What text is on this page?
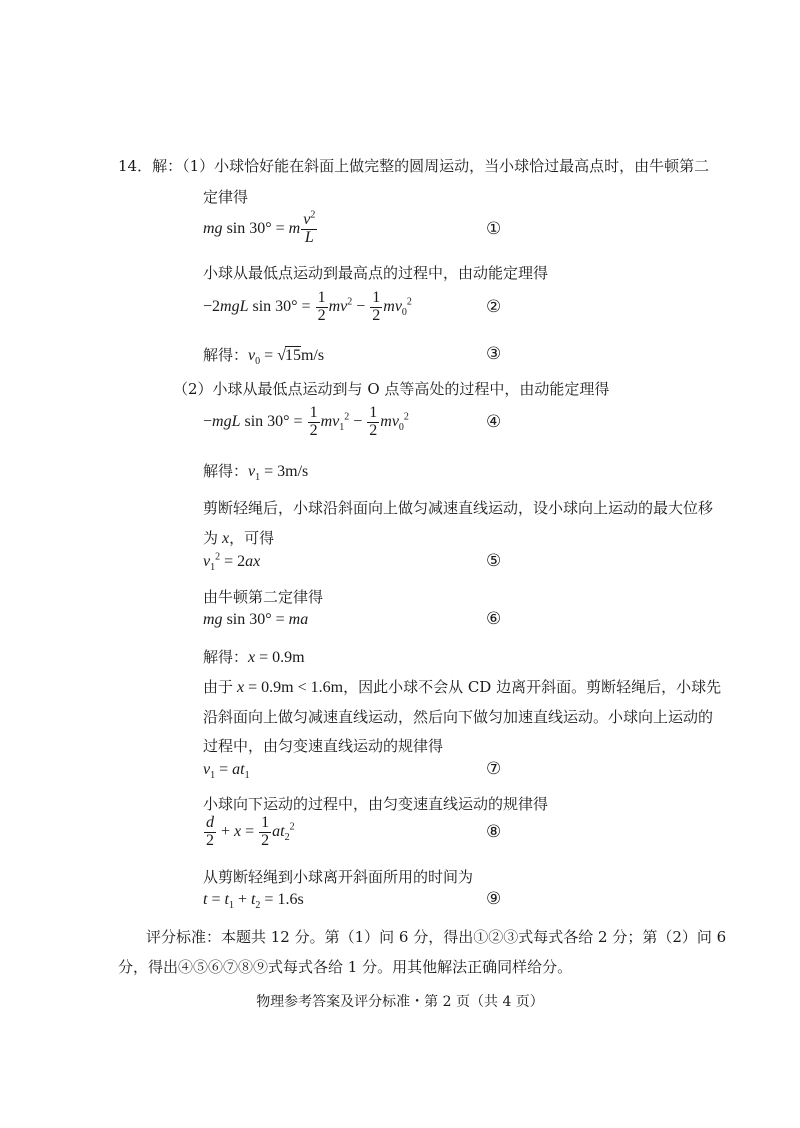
14．解：（1）小球恰好能在斜面上做完整的圆周运动，当小球恰过最高点时，由牛顿第二
定律得
mg sin 30° = m $\frac{v^2}{L}$	①
小球从最低点运动到最高点的过程中，由动能定理得
−2mgL $\sin 30^\circ = \frac{1}{2} mv^2 - \frac{1}{2} mv_0^2$	②
解得：$v_0 = √15m/s$	③
（2）小球从最低点运动到与 O 点等高处的过程中，由动能定理得
−mgL $\sin 30^\circ = \frac{1}{2} mv_1^2 - \frac{1}{2} mv_0^2$	④
解得：$v_1 = 3m/s$
剪断轻绳后，小球沿斜面向上做匀减速直线运动，设小球向上运动的最大位移
为 x，可得
$v_1^2 = 2ax$	⑤
由牛顿第二定律得
mg sin 30° = ma	⑥
解得：x = 0.9m
由于 x = 0.9m < 1.6m，因此小球不会从 CD 边离开斜面。剪断轻绳后，小球先
沿斜面向上做匀减速直线运动，然后向下做匀加速直线运动。小球向上运动的
过程中，由匀变速直线运动的规律得
$v_1 = at_1$	⑦
小球向下运动的过程中，由匀变速直线运动的规律得
$\frac{d}{2} + x = \frac{1}{2} at_2^2$	⑧
从剪断轻绳到小球离开斜面所用的时间为
$t = t_1 + t_2 = 1.6s$	⑨
评分标准：本题共 12 分。第（1）问 6 分，得出①②③式每式各给 2 分；第（2）问 6
分，得出④⑤⑥⑦⑧⑨式每式各给 1 分。用其他解法正确同样给分。
物理参考答案及评分标准・第 2 页（共 4 页）
